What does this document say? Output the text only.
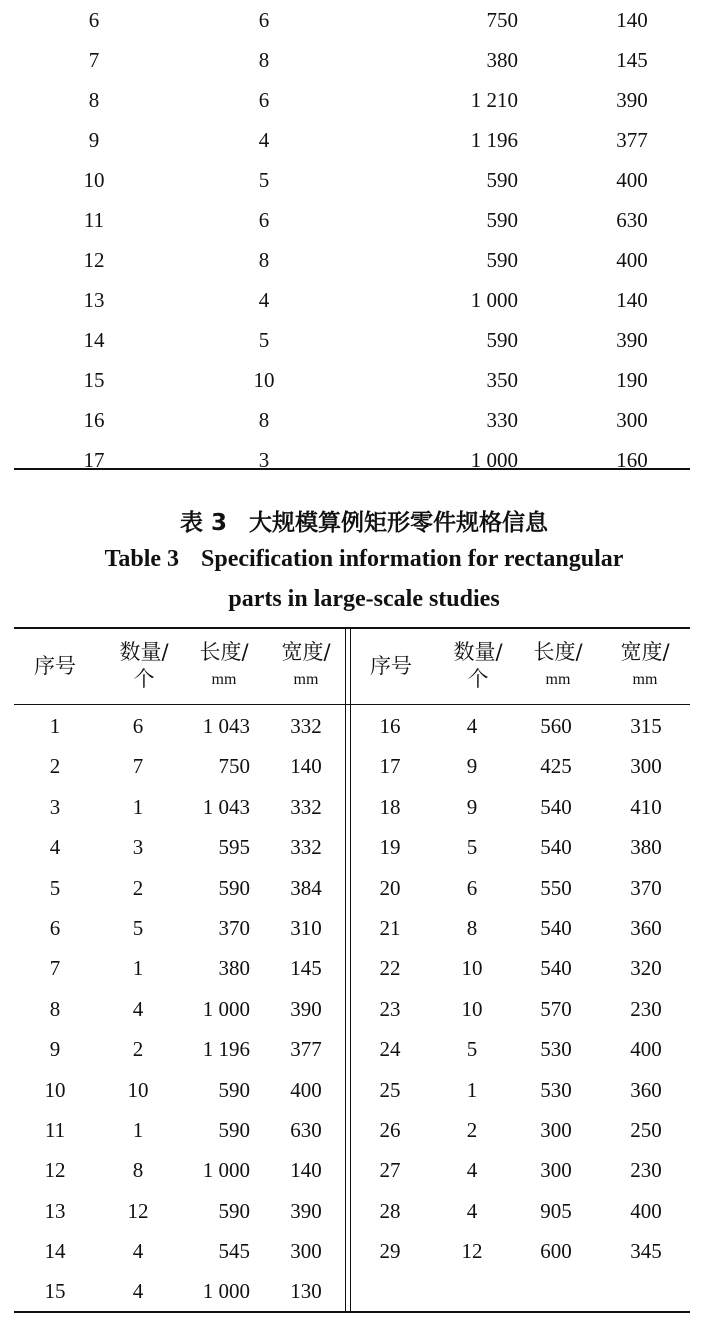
6	6	750	140
7	8	380	145
8	6	1 210	390
9	4	1 196	377
10	5	590	400
11	6	590	630
12	8	590	400
13	4	1 000	140
14	5	590	390
15	10	350	190
16	8	330	300
17	3	1 000	160
表 3 大规模算例矩形零件规格信息
Table 3 Specification information for rectangular
parts in large-scale studies
序号
数量/
个
长度/
mm
宽度/
mm
1	6	1 043	332
2	7	750	140
3	1	1 043	332
4	3	595	332
5	2	590	384
6	5	370	310
7	1	380	145
8	4	1 000	390
9	2	1 196	377
10	10	590	400
11	1	590	630
12	8	1 000	140
13	12	590	390
14	4	545	300
15	4	1 000	130
序号
数量/
个
长度/
mm
宽度/
mm
16	4	560	315
17	9	425	300
18	9	540	410
19	5	540	380
20	6	550	370
21	8	540	360
22	10	540	320
23	10	570	230
24	5	530	400
25	1	530	360
26	2	300	250
27	4	300	230
28	4	905	400
29	12	600	345
